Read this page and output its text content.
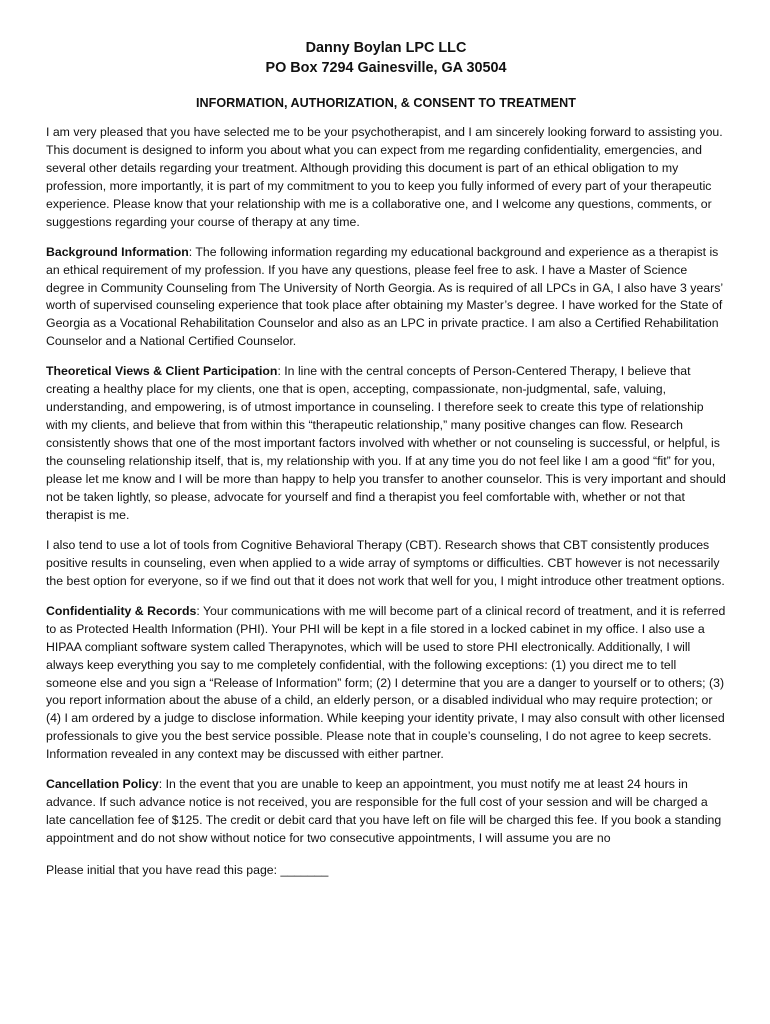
Danny Boylan LPC LLC
PO Box 7294 Gainesville, GA 30504
INFORMATION, AUTHORIZATION, & CONSENT TO TREATMENT

I am very pleased that you have selected me to be your psychotherapist, and I am sincerely looking forward to assisting you. This document is designed to inform you about what you can expect from me regarding confidentiality, emergencies, and several other details regarding your treatment. Although providing this document is part of an ethical obligation to my profession, more importantly, it is part of my commitment to you to keep you fully informed of every part of your therapeutic experience. Please know that your relationship with me is a collaborative one, and I welcome any questions, comments, or suggestions regarding your course of therapy at any time.

Background Information: The following information regarding my educational background and experience as a therapist is an ethical requirement of my profession. If you have any questions, please feel free to ask. I have a Master of Science degree in Community Counseling from The University of North Georgia. As is required of all LPCs in GA, I also have 3 years’ worth of supervised counseling experience that took place after obtaining my Master’s degree. I have worked for the State of Georgia as a Vocational Rehabilitation Counselor and also as an LPC in private practice. I am also a Certified Rehabilitation Counselor and a National Certified Counselor.

Theoretical Views & Client Participation: In line with the central concepts of Person-Centered Therapy, I believe that creating a healthy place for my clients, one that is open, accepting, compassionate, non-judgmental, safe, valuing, understanding, and empowering, is of utmost importance in counseling. I therefore seek to create this type of relationship with my clients, and believe that from within this “therapeutic relationship,” many positive changes can flow. Research consistently shows that one of the most important factors involved with whether or not counseling is successful, or helpful, is the counseling relationship itself, that is, my relationship with you. If at any time you do not feel like I am a good “fit” for you, please let me know and I will be more than happy to help you transfer to another counselor. This is very important and should not be taken lightly, so please, advocate for yourself and find a therapist you feel comfortable with, whether or not that therapist is me.

I also tend to use a lot of tools from Cognitive Behavioral Therapy (CBT). Research shows that CBT consistently produces positive results in counseling, even when applied to a wide array of symptoms or difficulties. CBT however is not necessarily the best option for everyone, so if we find out that it does not work that well for you, I might introduce other treatment options.

Confidentiality & Records: Your communications with me will become part of a clinical record of treatment, and it is referred to as Protected Health Information (PHI). Your PHI will be kept in a file stored in a locked cabinet in my office. I also use a HIPAA compliant software system called Therapynotes, which will be used to store PHI electronically. Additionally, I will always keep everything you say to me completely confidential, with the following exceptions: (1) you direct me to tell someone else and you sign a “Release of Information” form; (2) I determine that you are a danger to yourself or to others; (3) you report information about the abuse of a child, an elderly person, or a disabled individual who may require protection; or (4) I am ordered by a judge to disclose information. While keeping your identity private, I may also consult with other licensed professionals to give you the best service possible. Please note that in couple’s counseling, I do not agree to keep secrets. Information revealed in any context may be discussed with either partner.

Cancellation Policy: In the event that you are unable to keep an appointment, you must notify me at least 24 hours in advance. If such advance notice is not received, you are responsible for the full cost of your session and will be charged a late cancellation fee of $125. The credit or debit card that you have left on file will be charged this fee. If you book a standing appointment and do not show without notice for two consecutive appointments, I will assume you are no

Please initial that you have read this page: _______
